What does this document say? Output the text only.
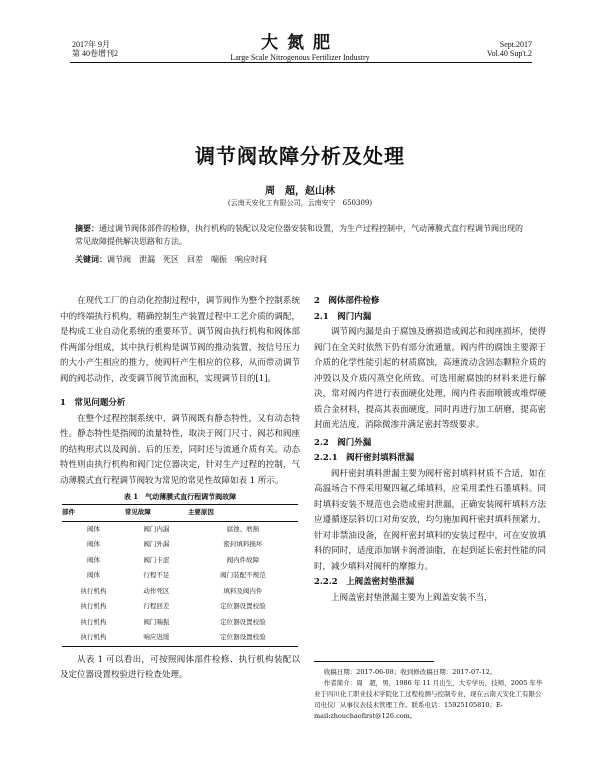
2017年 9月
第 40卷增刊2
大氮肥
Large Scale Nitrogenous Fertilizer Industry
Sept.2017
Vol.40 Sup't.2
调节阀故障分析及处理
周　超，赵山林
(云南天安化工有限公司，云南安宁　650309)
摘要：通过调节阀体部件的检修，执行机构的装配以及定位器安装和设置，为生产过程控制中，气动薄膜式直行程调节阀出现的常见故障提供解决思路和方法。
关键词：调节阀　泄漏　死区　回差　喘振　响应时间

在现代工厂的自动化控制过程中，调节阀作为整个控制系统中的终端执行机构，精确控制生产装置过程中工艺介质的调配，是构成工业自动化系统的重要环节。调节阀由执行机构和阀体部件两部分组成，其中执行机构是调节阀的推动装置，按信号压力的大小产生相应的推力，使阀杆产生相应的位移，从而带动调节阀的阀芯动作，改变调节阀节流面积，实现调节目的[1]。

1　常见问题分析

在整个过程控制系统中，调节阀既有静态特性，又有动态特性。静态特性是指阀的流量特性，取决于阀门尺寸、阀芯和阀座的结构形式以及阀前、后的压差，同时还与流通介质有关。动态特性则由执行机构和阀门定位器决定，针对生产过程的控制，气动薄膜式直行程调节阀较为常见的常见性故障如表 1 所示。

表 1　气动薄膜式直行程调节阀故障
部件	常见故障	主要原因
阀体	阀门内漏	腐蚀、磨损
阀体	阀门外漏	密封填料损坏
阀体	阀门卡涩	阀内件故障
阀体	行程不足	阀门装配不规范
执行机构	动作死区	填料及阀内件
执行机构	行程回差	定位器设置校验
执行机构	阀门喘振	定位器设置校验
执行机构	响应迟缓	定位器设置校验

从表 1 可以看出，可按照阀体部件检修、执行机构装配以及定位器设置校验进行检查处理。

2　阀体部件检修

2.1　阀门内漏

调节阀内漏是由于腐蚀及磨损造成阀芯和阀座损坏，使得阀门在全关时依然下仍有部分流通量。阀内件的腐蚀主要源于介质的化学性能引起的材质腐蚀，高速流动含固态颗粒介质的冲毁以及介质闪蒸空化所致。可选用耐腐蚀的材料来进行解决，常对阀内件进行表面硬化处理，阀内件表面喷镀或堆焊硬质合金材料，提高其表面硬度，同时再进行加工研磨，提高密封面光洁度，消除微渗并满足密封等级要求。

2.2　阀门外漏

2.2.1　阀杆密封填料泄漏

阀杆密封填料泄漏主要为阀杆密封填料材质不合适，如在高温场合不得采用聚四氟乙烯填料，应采用柔性石墨填料。同时填料安装不规范也会造成密封泄漏，正确安装阀杆填料方法应遵循逐层斜切口对角安放，均匀施加阀杆密封填料预紧力，针对非禁油设备，在阀杆密封填料的安装过程中，可在安放填料的同时，适度添加钢卡润滑油脂，在起到延长密封性能的同时，减少填料对阀杆的摩擦力。

2.2.2　上阀盖密封垫泄漏

上阀盖密封垫泄漏主要为上阀盖安装不当，

收稿日期：2017-06-08；收到修改稿日期：2017-07-12。

作者简介：周　超，男，1986 年 11 月出生，大专学历，技师，2005 年毕业于四川化工职业技术学院化工过程检测与控制专业，现在云南天安化工有限公司电仪厂从事仪表技术管理工作。联系电话：15925105810；E-mail:zhouchaofirst@126.com。
